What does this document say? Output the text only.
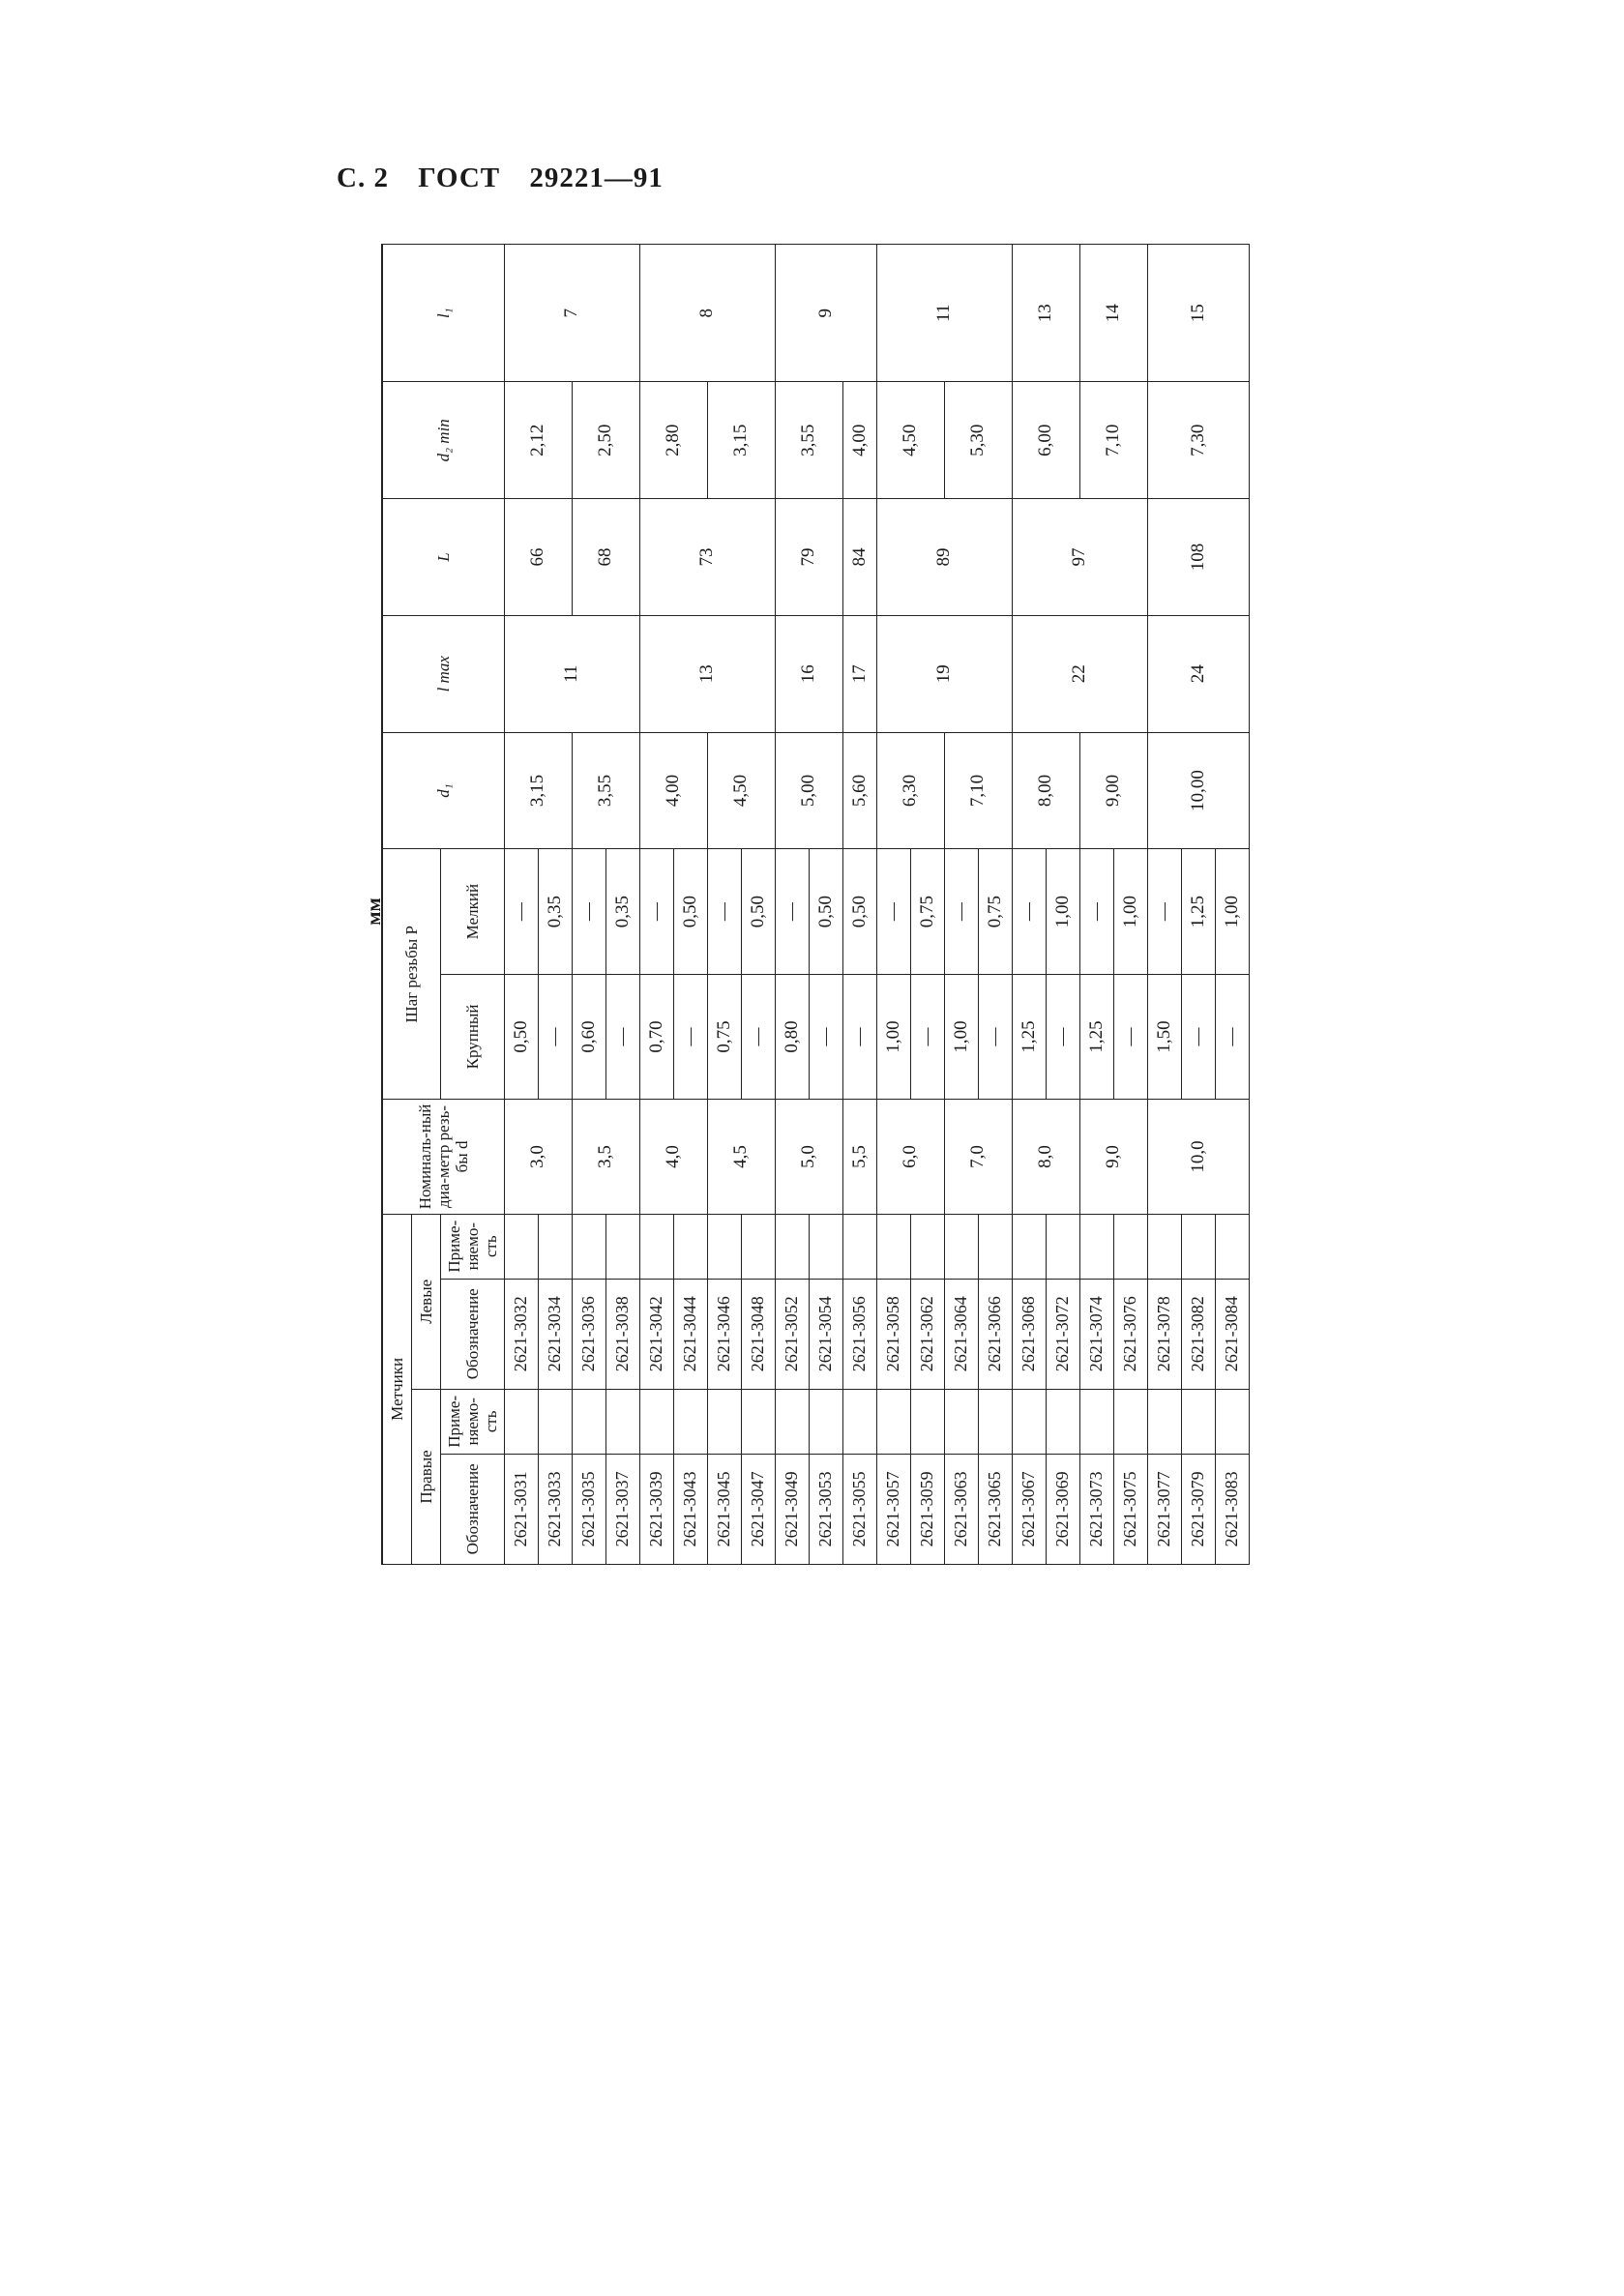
С. 2 ГОСТ 29221—91
мм
Метчики				Номиналь-ный диа-метр резь-бы d	Шаг резьбы P		d₁	l max	L	d₂ min	l₁
Правые		Левые									
Обозначение	Приме-няемо-сть	Обозначение	Приме-няемо-сть		Крупный	Мелкий					
2621-3031		2621-3032		3,0	0,50	—	3,15	11	66	2,12	7
2621-3033		2621-3034			—	0,35					
2621-3035		2621-3036		3,5	0,60	—	3,55		68	2,50	
2621-3037		2621-3038			—	0,35					
2621-3039		2621-3042		4,0	0,70	—	4,00	13	73	2,80	8
2621-3043		2621-3044			—	0,50					
2621-3045		2621-3046		4,5	0,75	—	4,50			3,15	
2621-3047		2621-3048			—	0,50					
2621-3049		2621-3052		5,0	0,80	—	5,00	16	79	3,55	9
2621-3053		2621-3054			—	0,50					
2621-3055		2621-3056		5,5	—	0,50	5,60	17	84	4,00	
2621-3057		2621-3058		6,0	1,00	—	6,30	19	89	4,50	11
2621-3059		2621-3062			—	0,75					
2621-3063		2621-3064		7,0	1,00	—	7,10			5,30	
2621-3065		2621-3066			—	0,75					
2621-3067		2621-3068		8,0	1,25	—	8,00	22	97	6,00	13
2621-3069		2621-3072			—	1,00					
2621-3073		2621-3074		9,0	1,25	—	9,00			7,10	14
2621-3075		2621-3076			—	1,00					
2621-3077		2621-3078		10,0	1,50	—	10,00	24	108	7,30	15
2621-3079		2621-3082			—	1,25					
2621-3083		2621-3084			—	1,00					
